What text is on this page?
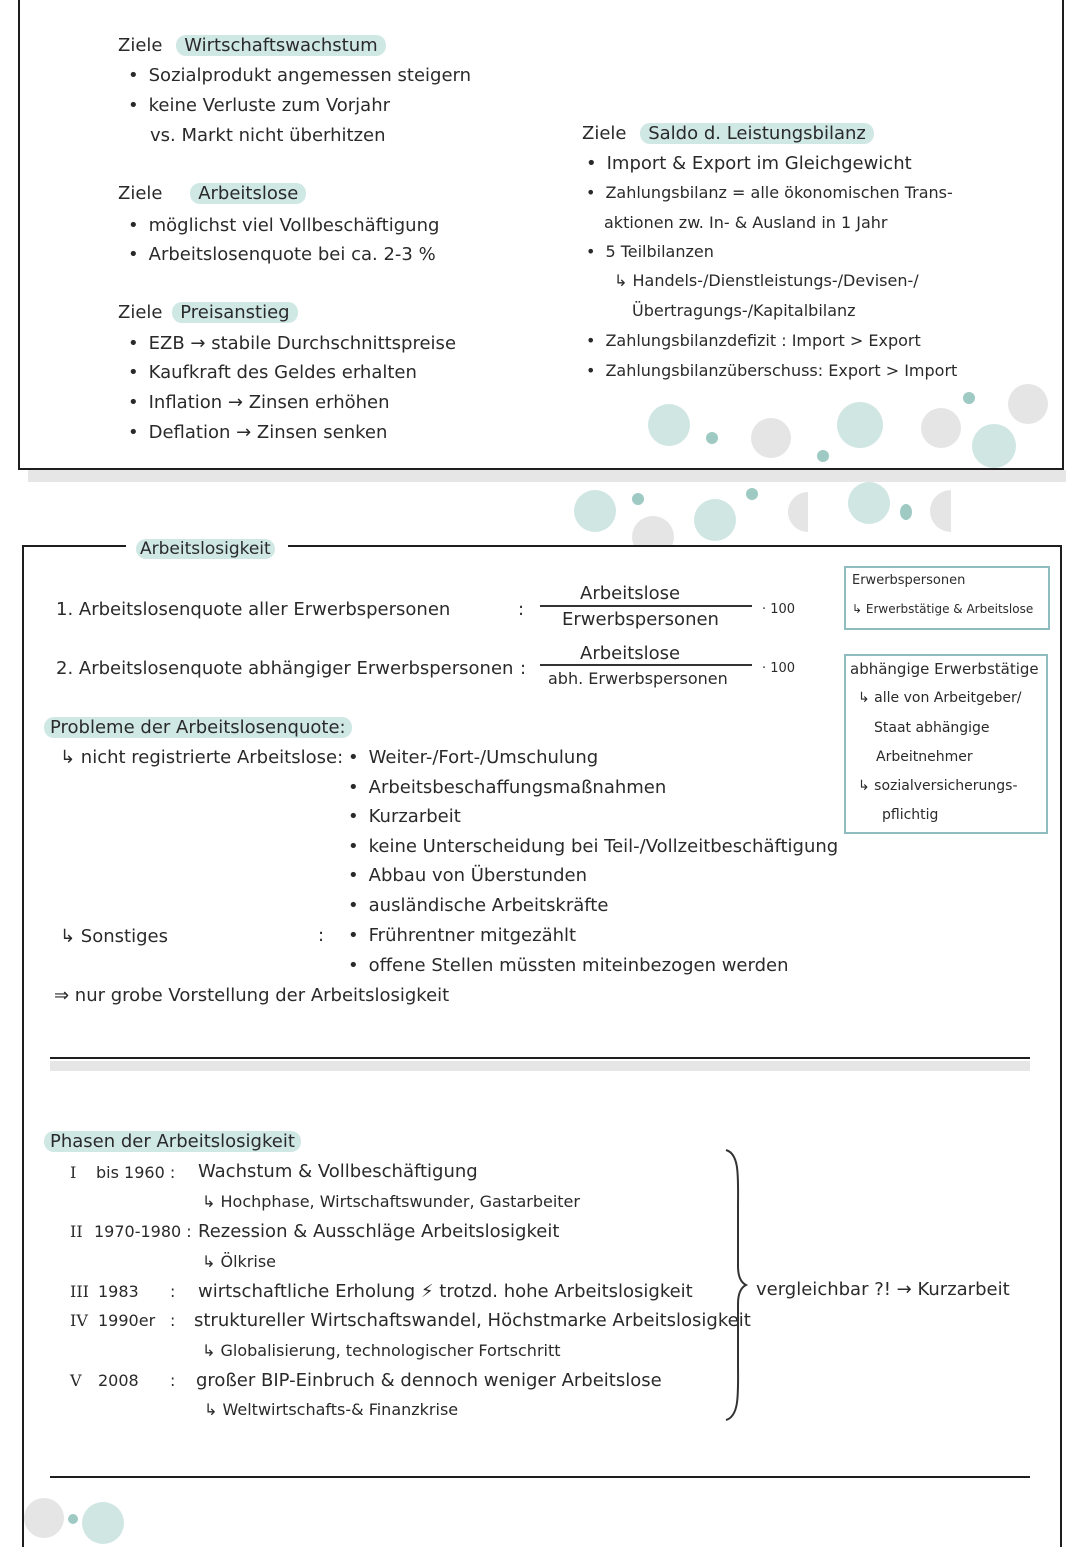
Ziele Wirtschaftswachstum
• Sozialprodukt angemessen steigern
• keine Verluste zum Vorjahr
vs. Markt nicht überhitzen
Ziele Arbeitslose
• möglichst viel Vollbeschäftigung
• Arbeitslosenquote bei ca. 2-3 %
Ziele Preisanstieg
• EZB → stabile Durchschnittspreise
• Kaufkraft des Geldes erhalten
• Inflation → Zinsen erhöhen
• Deflation → Zinsen senken
Ziele Saldo d. Leistungsbilanz
• Import & Export im Gleichgewicht
• Zahlungsbilanz = alle ökonomischen Trans-
aktionen zw. In- & Ausland in 1 Jahr
• 5 Teilbilanzen
↳ Handels-/Dienstleistungs-/Devisen-/
Übertragungs-/Kapitalbilanz
• Zahlungsbilanzdefizit : Import > Export
• Zahlungsbilanzüberschuss: Export > Import
Arbeitslosigkeit
1. Arbeitslosenquote aller Erwerbspersonen	:
Arbeitslose
Erwerbspersonen	· 100
2. Arbeitslosenquote abhängiger Erwerbspersonen :
Arbeitslose
abh. Erwerbspersonen
· 100
Erwerbspersonen
↳ Erwerbstätige & Arbeitslose
abhängige Erwerbstätige
↳ alle von Arbeitgeber/
Staat abhängige
Arbeitnehmer
↳ sozialversicherungs-
pflichtig
Probleme der Arbeitslosenquote:
↳ nicht registrierte Arbeitslose:	• Weiter-/Fort-/Umschulung
• Arbeitsbeschaffungsmaßnahmen
• Kurzarbeit
• keine Unterscheidung bei Teil-/Vollzeitbeschäftigung
• Abbau von Überstunden
• ausländische Arbeitskräfte
↳ Sonstiges	:	• Frührentner mitgezählt
• offene Stellen müssten miteinbezogen werden
⇒ nur grobe Vorstellung der Arbeitslosigkeit
Phasen der Arbeitslosigkeit
I bis 1960 : Wachstum & Vollbeschäftigung
↳ Hochphase, Wirtschaftswunder, Gastarbeiter
II 1970-1980 : Rezession & Ausschläge Arbeitslosigkeit
↳ Ölkrise
III 1983 : wirtschaftliche Erholung ⚡ trotzd. hohe Arbeitslosigkeit
IV 1990er : struktureller Wirtschaftswandel, Höchstmarke Arbeitslosigkeit
↳ Globalisierung, technologischer Fortschritt
V 2008 : großer BIP-Einbruch & dennoch weniger Arbeitslose
↳ Weltwirtschafts-& Finanzkrise
vergleichbar ?! → Kurzarbeit
